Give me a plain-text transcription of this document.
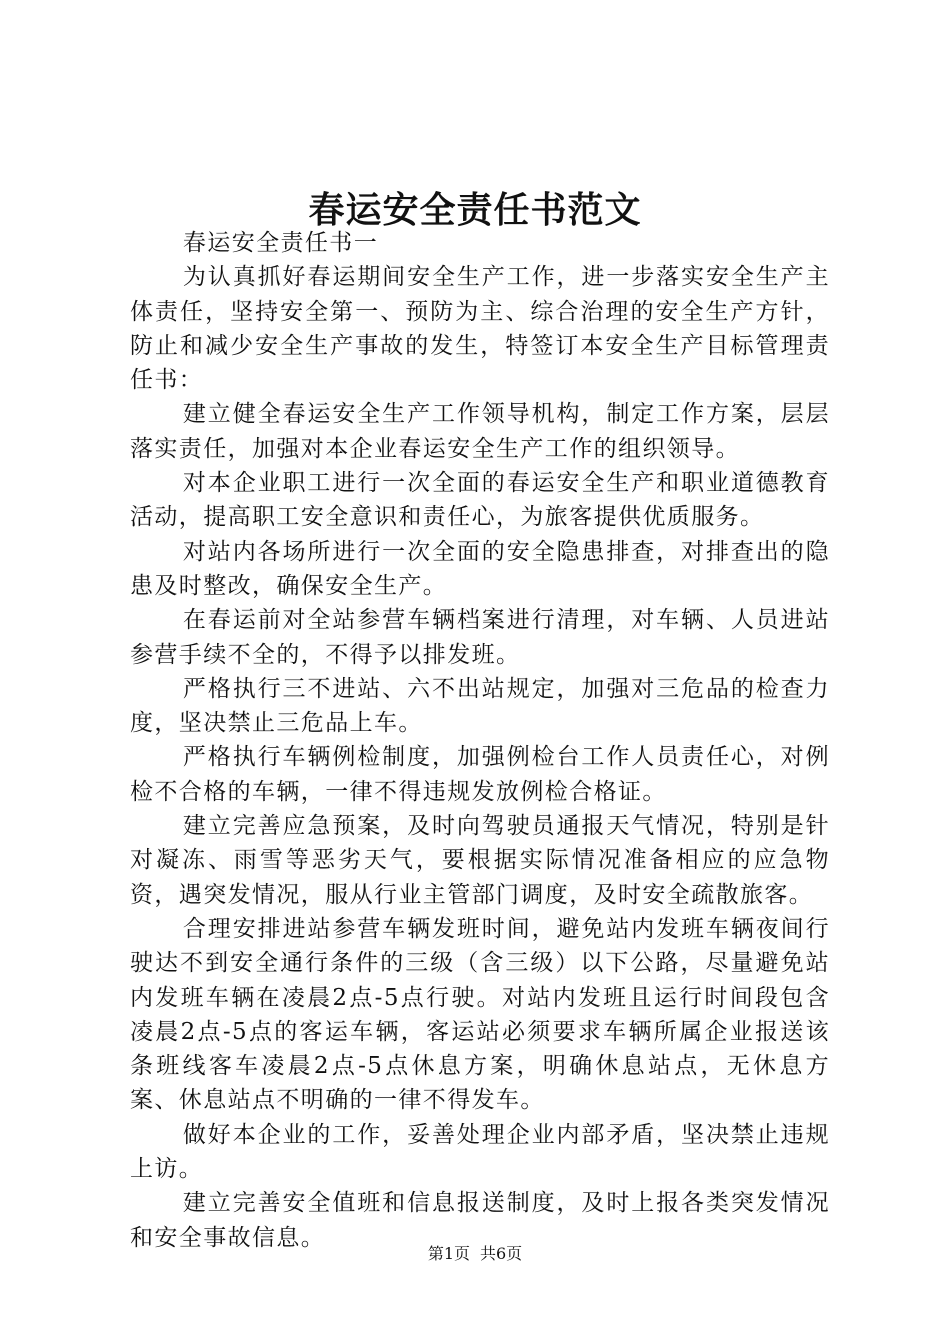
春运安全责任书范文

春运安全责任书一

为认真抓好春运期间安全生产工作，进一步落实安全生产主体责任，坚持安全第一、预防为主、综合治理的安全生产方针，防止和减少安全生产事故的发生，特签订本安全生产目标管理责任书：

建立健全春运安全生产工作领导机构，制定工作方案，层层落实责任，加强对本企业春运安全生产工作的组织领导。

对本企业职工进行一次全面的春运安全生产和职业道德教育活动，提高职工安全意识和责任心，为旅客提供优质服务。

对站内各场所进行一次全面的安全隐患排查，对排查出的隐患及时整改，确保安全生产。

在春运前对全站参营车辆档案进行清理，对车辆、人员进站参营手续不全的，不得予以排发班。

严格执行三不进站、六不出站规定，加强对三危品的检查力度，坚决禁止三危品上车。

严格执行车辆例检制度，加强例检台工作人员责任心，对例检不合格的车辆，一律不得违规发放例检合格证。

建立完善应急预案，及时向驾驶员通报天气情况，特别是针对凝冻、雨雪等恶劣天气，要根据实际情况准备相应的应急物资，遇突发情况，服从行业主管部门调度，及时安全疏散旅客。

合理安排进站参营车辆发班时间，避免站内发班车辆夜间行驶达不到安全通行条件的三级（含三级）以下公路，尽量避免站内发班车辆在凌晨2点-5点行驶。对站内发班且运行时间段包含凌晨2点-5点的客运车辆，客运站必须要求车辆所属企业报送该条班线客车凌晨2点-5点休息方案，明确休息站点，无休息方案、休息站点不明确的一律不得发车。

做好本企业的工作，妥善处理企业内部矛盾，坚决禁止违规上访。

建立完善安全值班和信息报送制度，及时上报各类突发情况和安全事故信息。

第1页 共6页
